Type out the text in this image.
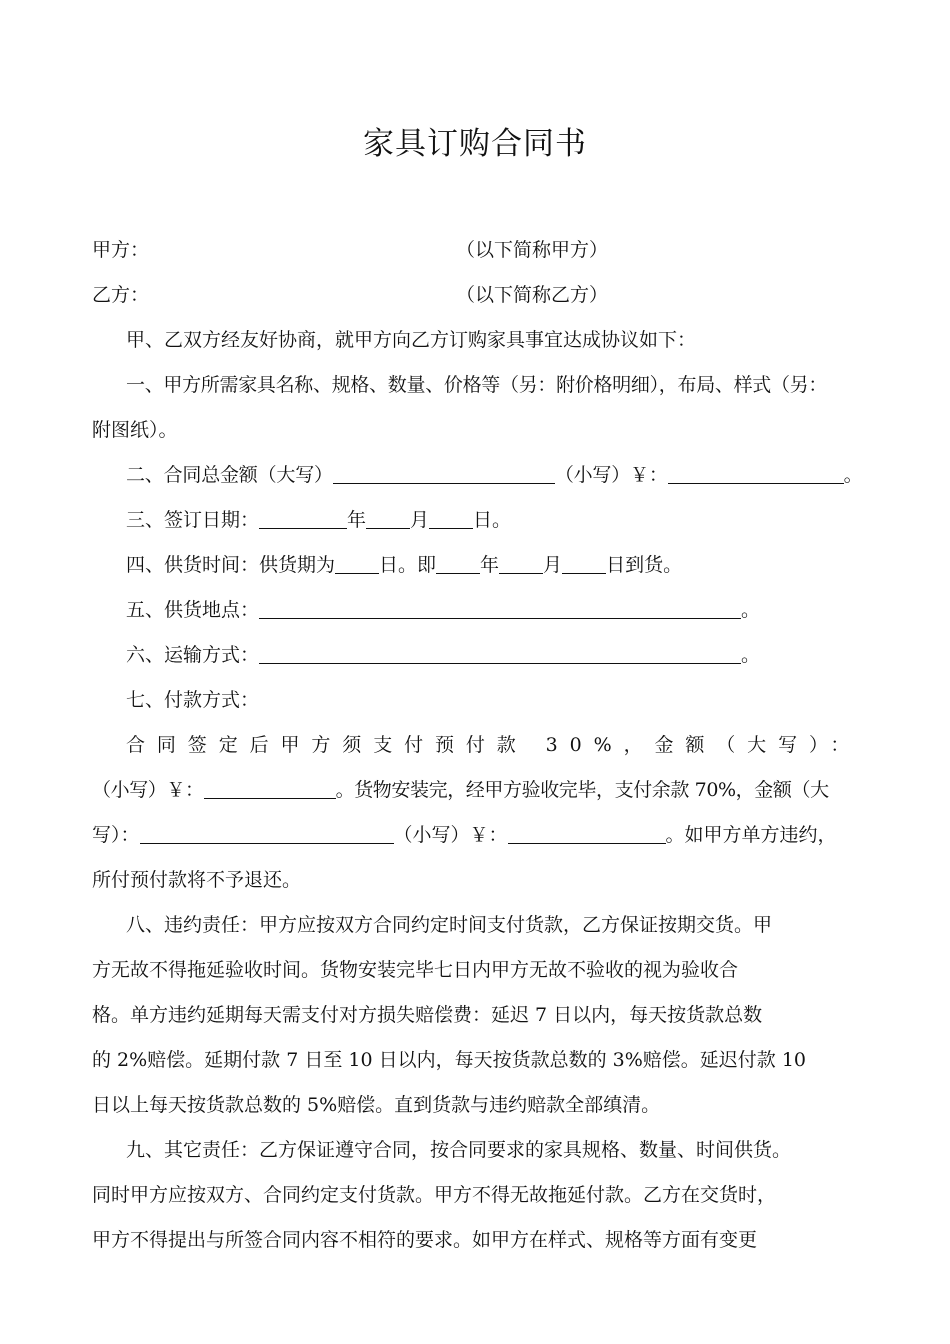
家具订购合同书
甲方：	（以下简称甲方）
乙方：	（以下简称乙方）
甲、乙双方经友好协商，就甲方向乙方订购家具事宜达成协议如下：
一、甲方所需家具名称、规格、数量、价格等（另：附价格明细），布局、样式（另：
附图纸）。
二、合同总金额（大写）	（小写）￥：	。
三、签订日期：	年 月 日。
四、供货时间：供货期为 日。即 年 月 日到货。
五、供货地点：	。
六、运输方式：	。
七、付款方式：
合同签定后甲方须支付预付款 30%，金额（大写）：
（小写）￥：	。货物安装完，经甲方验收完毕，支付余款 70%，金额（大
写）：	（小写）￥：	。如甲方单方违约，
所付预付款将不予退还。
八、违约责任：甲方应按双方合同约定时间支付货款，乙方保证按期交货。甲
方无故不得拖延验收时间。货物安装完毕七日内甲方无故不验收的视为验收合
格。单方违约延期每天需支付对方损失赔偿费：延迟 7 日以内，每天按货款总数
的 2%赔偿。延期付款 7 日至 10 日以内，每天按货款总数的 3%赔偿。延迟付款 10
日以上每天按货款总数的 5%赔偿。直到货款与违约赔款全部缜清。
九、其它责任：乙方保证遵守合同，按合同要求的家具规格、数量、时间供货。
同时甲方应按双方、合同约定支付货款。甲方不得无故拖延付款。乙方在交货时，
甲方不得提出与所签合同内容不相符的要求。如甲方在样式、规格等方面有变更
